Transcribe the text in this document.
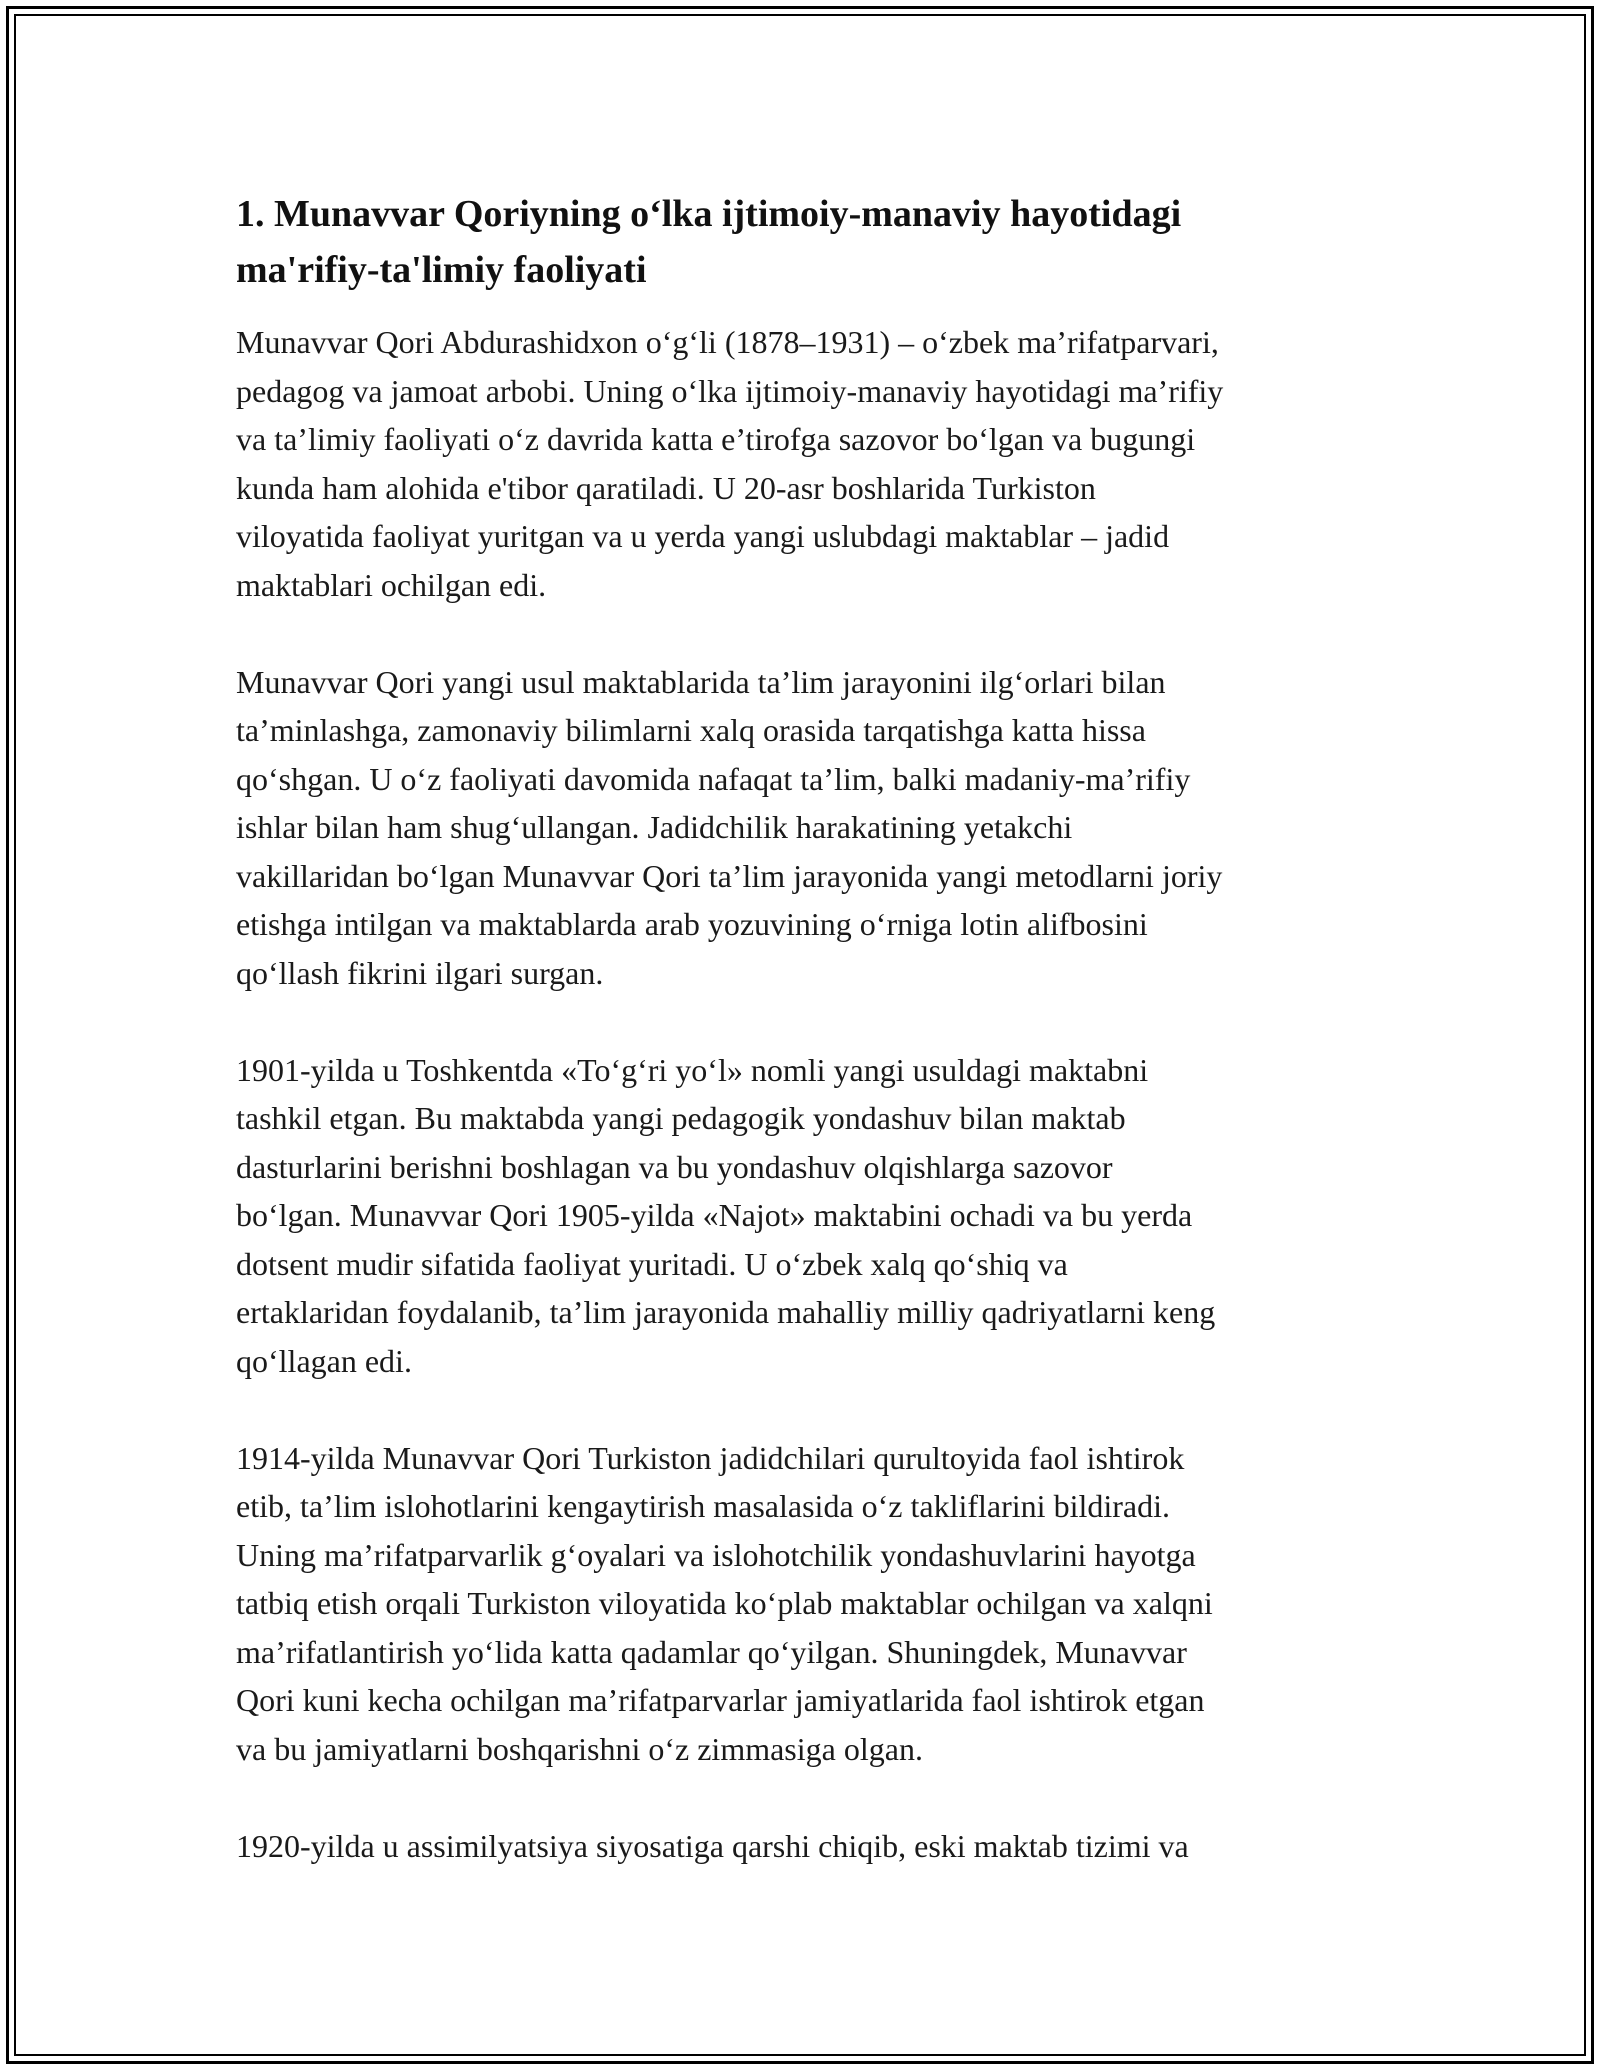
1. Munavvar Qoriyning o‘lka ijtimoiy-manaviy hayotidagi
ma'rifiy-ta'limiy faoliyati

Munavvar Qori Abdurashidxon o‘g‘li (1878–1931) – o‘zbek ma’rifatparvari,
pedagog va jamoat arbobi. Uning o‘lka ijtimoiy-manaviy hayotidagi ma’rifiy
va ta’limiy faoliyati o‘z davrida katta e’tirofga sazovor bo‘lgan va bugungi
kunda ham alohida e'tibor qaratiladi. U 20-asr boshlarida Turkiston
viloyatida faoliyat yuritgan va u yerda yangi uslubdagi maktablar – jadid
maktablari ochilgan edi.

Munavvar Qori yangi usul maktablarida ta’lim jarayonini ilg‘orlari bilan
ta’minlashga, zamonaviy bilimlarni xalq orasida tarqatishga katta hissa
qo‘shgan. U o‘z faoliyati davomida nafaqat ta’lim, balki madaniy-ma’rifiy
ishlar bilan ham shug‘ullangan. Jadidchilik harakatining yetakchi
vakillaridan bo‘lgan Munavvar Qori ta’lim jarayonida yangi metodlarni joriy
etishga intilgan va maktablarda arab yozuvining o‘rniga lotin alifbosini
qo‘llash fikrini ilgari surgan.

1901-yilda u Toshkentda «To‘g‘ri yo‘l» nomli yangi usuldagi maktabni
tashkil etgan. Bu maktabda yangi pedagogik yondashuv bilan maktab
dasturlarini berishni boshlagan va bu yondashuv olqishlarga sazovor
bo‘lgan. Munavvar Qori 1905-yilda «Najot» maktabini ochadi va bu yerda
dotsent mudir sifatida faoliyat yuritadi. U o‘zbek xalq qo‘shiq va
ertaklaridan foydalanib, ta’lim jarayonida mahalliy milliy qadriyatlarni keng
qo‘llagan edi.

1914-yilda Munavvar Qori Turkiston jadidchilari qurultoyida faol ishtirok
etib, ta’lim islohotlarini kengaytirish masalasida o‘z takliflarini bildiradi.
Uning ma’rifatparvarlik g‘oyalari va islohotchilik yondashuvlarini hayotga
tatbiq etish orqali Turkiston viloyatida ko‘plab maktablar ochilgan va xalqni
ma’rifatlantirish yo‘lida katta qadamlar qo‘yilgan. Shuningdek, Munavvar
Qori kuni kecha ochilgan ma’rifatparvarlar jamiyatlarida faol ishtirok etgan
va bu jamiyatlarni boshqarishni o‘z zimmasiga olgan.

1920-yilda u assimilyatsiya siyosatiga qarshi chiqib, eski maktab tizimi va
